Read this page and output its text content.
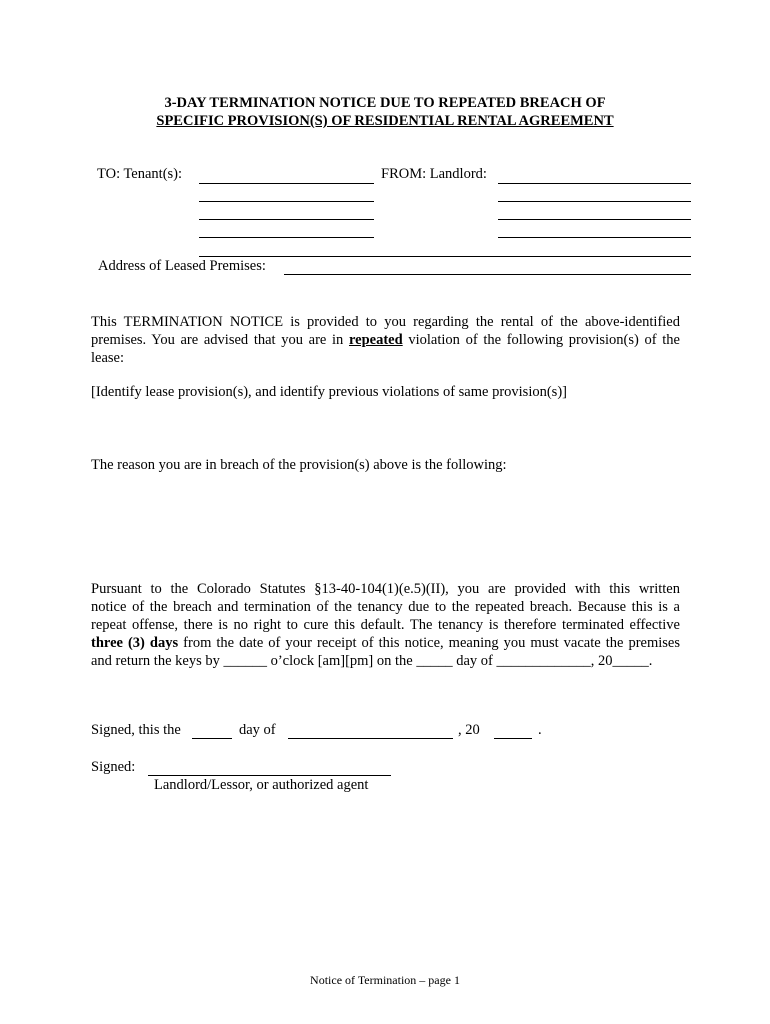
3-DAY TERMINATION NOTICE DUE TO REPEATED BREACH OF
SPECIFIC PROVISION(S) OF RESIDENTIAL RENTAL AGREEMENT
TO: Tenant(s):	FROM: Landlord:
Address of Leased Premises:
This TERMINATION NOTICE is provided to you regarding the rental of the above-identified
premises. You are advised that you are in repeated violation of the following provision(s) of the
lease:
[Identify lease provision(s), and identify previous violations of same provision(s)]
The reason you are in breach of the provision(s) above is the following:
Pursuant to the Colorado Statutes §13-40-104(1)(e.5)(II), you are provided with this written
notice of the breach and termination of the tenancy due to the repeated breach. Because this is a
repeat offense, there is no right to cure this default. The tenancy is therefore terminated effective
three (3) days from the date of your receipt of this notice, meaning you must vacate the premises
and return the keys by ______ o’clock [am][pm] on the _____ day of _____________, 20_____.
Signed, this the	day of	, 20	.
Signed:
Landlord/Lessor, or authorized agent
Notice of Termination – page 1
